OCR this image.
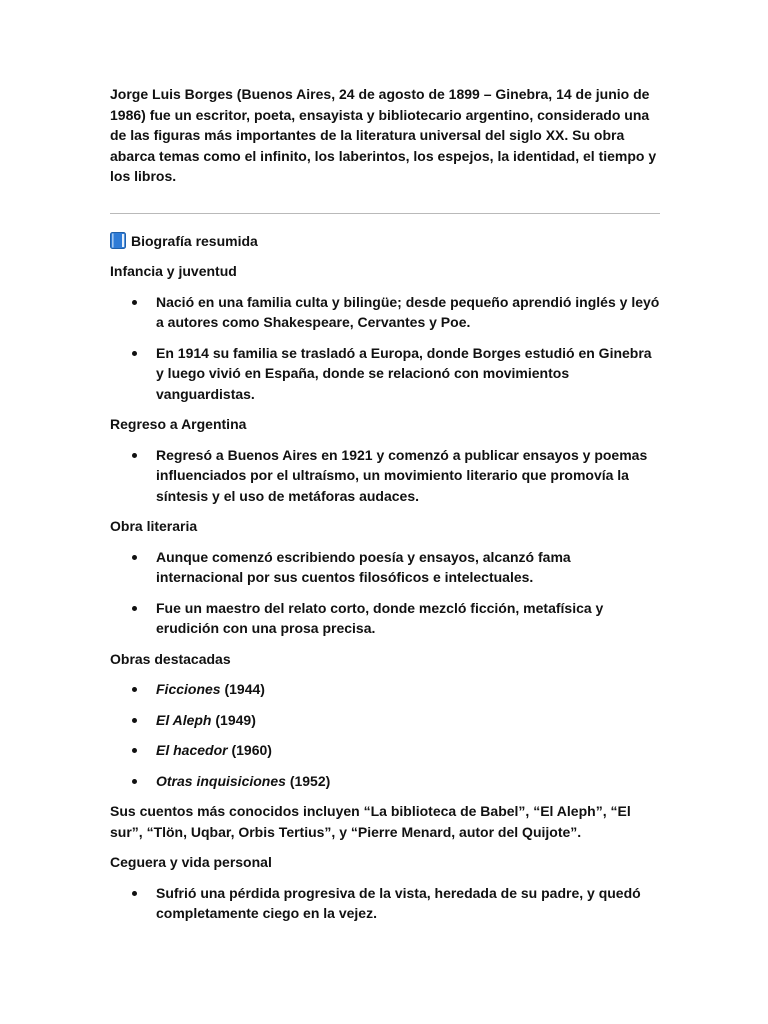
Jorge Luis Borges (Buenos Aires, 24 de agosto de 1899 – Ginebra, 14 de junio de 1986) fue un escritor, poeta, ensayista y bibliotecario argentino, considerado una de las figuras más importantes de la literatura universal del siglo XX. Su obra abarca temas como el infinito, los laberintos, los espejos, la identidad, el tiempo y los libros.

Biografía resumida

Infancia y juventud

Nació en una familia culta y bilingüe; desde pequeño aprendió inglés y leyó a autores como Shakespeare, Cervantes y Poe.
En 1914 su familia se trasladó a Europa, donde Borges estudió en Ginebra y luego vivió en España, donde se relacionó con movimientos vanguardistas.

Regreso a Argentina

Regresó a Buenos Aires en 1921 y comenzó a publicar ensayos y poemas influenciados por el ultraísmo, un movimiento literario que promovía la síntesis y el uso de metáforas audaces.

Obra literaria

Aunque comenzó escribiendo poesía y ensayos, alcanzó fama internacional por sus cuentos filosóficos e intelectuales.
Fue un maestro del relato corto, donde mezcló ficción, metafísica y erudición con una prosa precisa.

Obras destacadas

Ficciones (1944)
El Aleph (1949)
El hacedor (1960)
Otras inquisiciones (1952)

Sus cuentos más conocidos incluyen “La biblioteca de Babel”, “El Aleph”, “El sur”, “Tlön, Uqbar, Orbis Tertius”, y “Pierre Menard, autor del Quijote”.

Ceguera y vida personal

Sufrió una pérdida progresiva de la vista, heredada de su padre, y quedó completamente ciego en la vejez.
